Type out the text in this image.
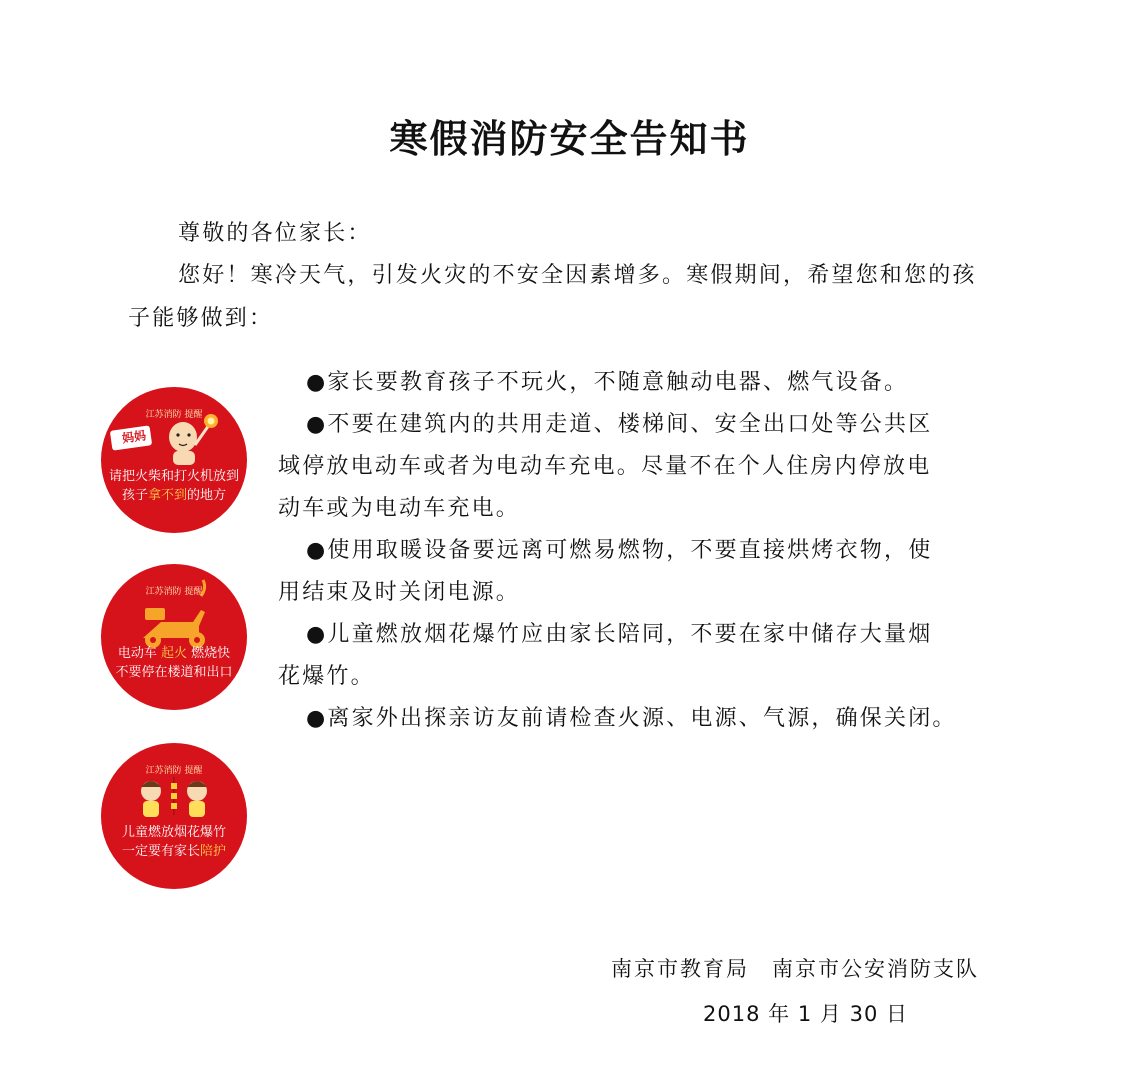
寒假消防安全告知书
尊敬的各位家长：
您好！寒冷天气，引发火灾的不安全因素增多。寒假期间，希望您和您的孩
子能够做到：
●家长要教育孩子不玩火，不随意触动电器、燃气设备。
●不要在建筑内的共用走道、楼梯间、安全出口处等公共区
域停放电动车或者为电动车充电。尽量不在个人住房内停放电
动车或为电动车充电。
●使用取暖设备要远离可燃易燃物，不要直接烘烤衣物，使
用结束及时关闭电源。
●儿童燃放烟花爆竹应由家长陪同，不要在家中储存大量烟
花爆竹。
●离家外出探亲访友前请检查火源、电源、气源，确保关闭。
江苏消防 提醒
妈妈
请把火柴和打火机放到
孩子拿不到的地方
江苏消防 提醒
电动车 起火 燃烧快
不要停在楼道和出口
江苏消防 提醒
儿童燃放烟花爆竹
一定要有家长陪护
南京市教育局　南京市公安消防支队
2018 年 1 月 30 日
